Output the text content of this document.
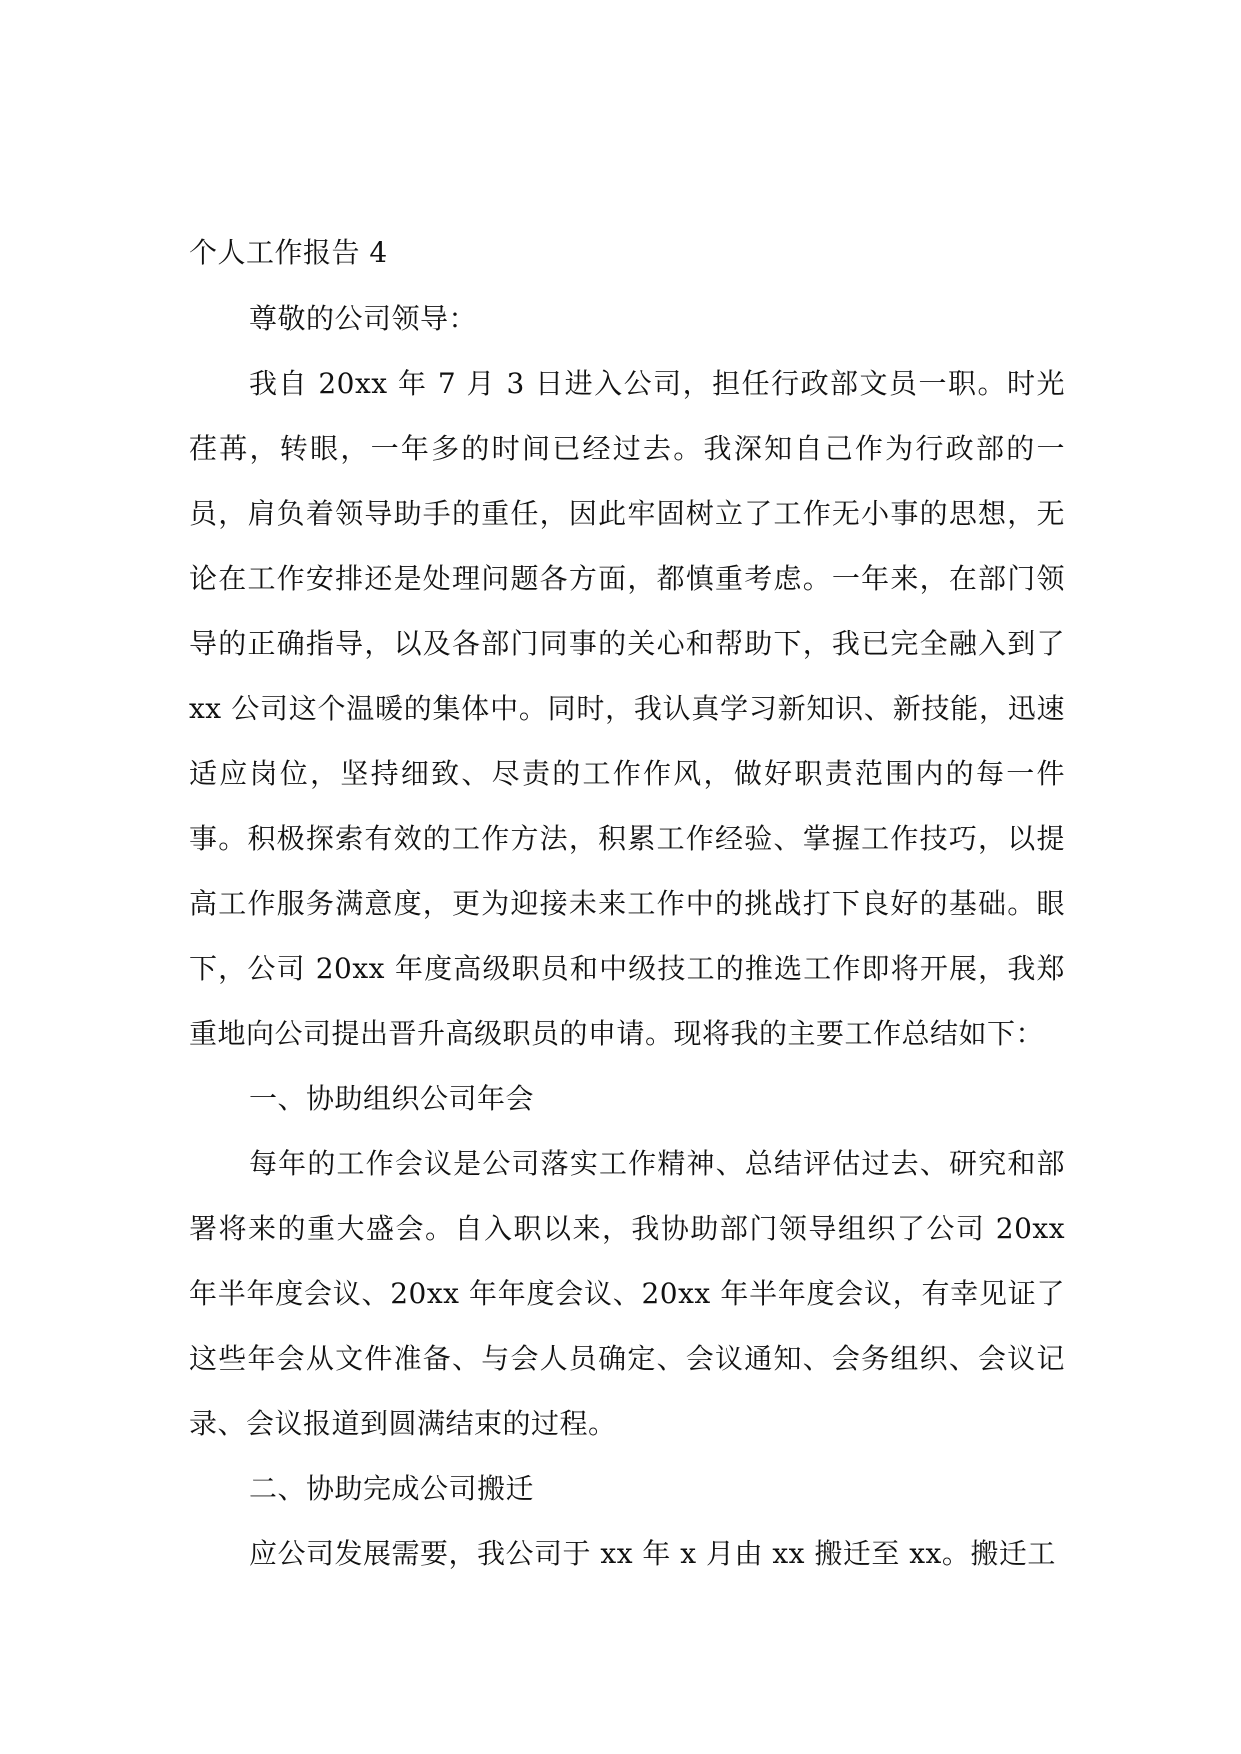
个人工作报告 4

尊敬的公司领导：

我自 20xx 年 7 月 3 日进入公司，担任行政部文员一职。时光荏苒，转眼，一年多的时间已经过去。我深知自己作为行政部的一员，肩负着领导助手的重任，因此牢固树立了工作无小事的思想，无论在工作安排还是处理问题各方面，都慎重考虑。一年来，在部门领导的正确指导，以及各部门同事的关心和帮助下，我已完全融入到了 xx 公司这个温暖的集体中。同时，我认真学习新知识、新技能，迅速适应岗位，坚持细致、尽责的工作作风，做好职责范围内的每一件事。积极探索有效的工作方法，积累工作经验、掌握工作技巧，以提高工作服务满意度，更为迎接未来工作中的挑战打下良好的基础。眼下，公司 20xx 年度高级职员和中级技工的推选工作即将开展，我郑重地向公司提出晋升高级职员的申请。现将我的主要工作总结如下：

一、协助组织公司年会

每年的工作会议是公司落实工作精神、总结评估过去、研究和部署将来的重大盛会。自入职以来，我协助部门领导组织了公司 20xx 年半年度会议、20xx 年年度会议、20xx 年半年度会议，有幸见证了这些年会从文件准备、与会人员确定、会议通知、会务组织、会议记录、会议报道到圆满结束的过程。

二、协助完成公司搬迁

应公司发展需要，我公司于 xx 年 x 月由 xx 搬迁至 xx。搬迁工
